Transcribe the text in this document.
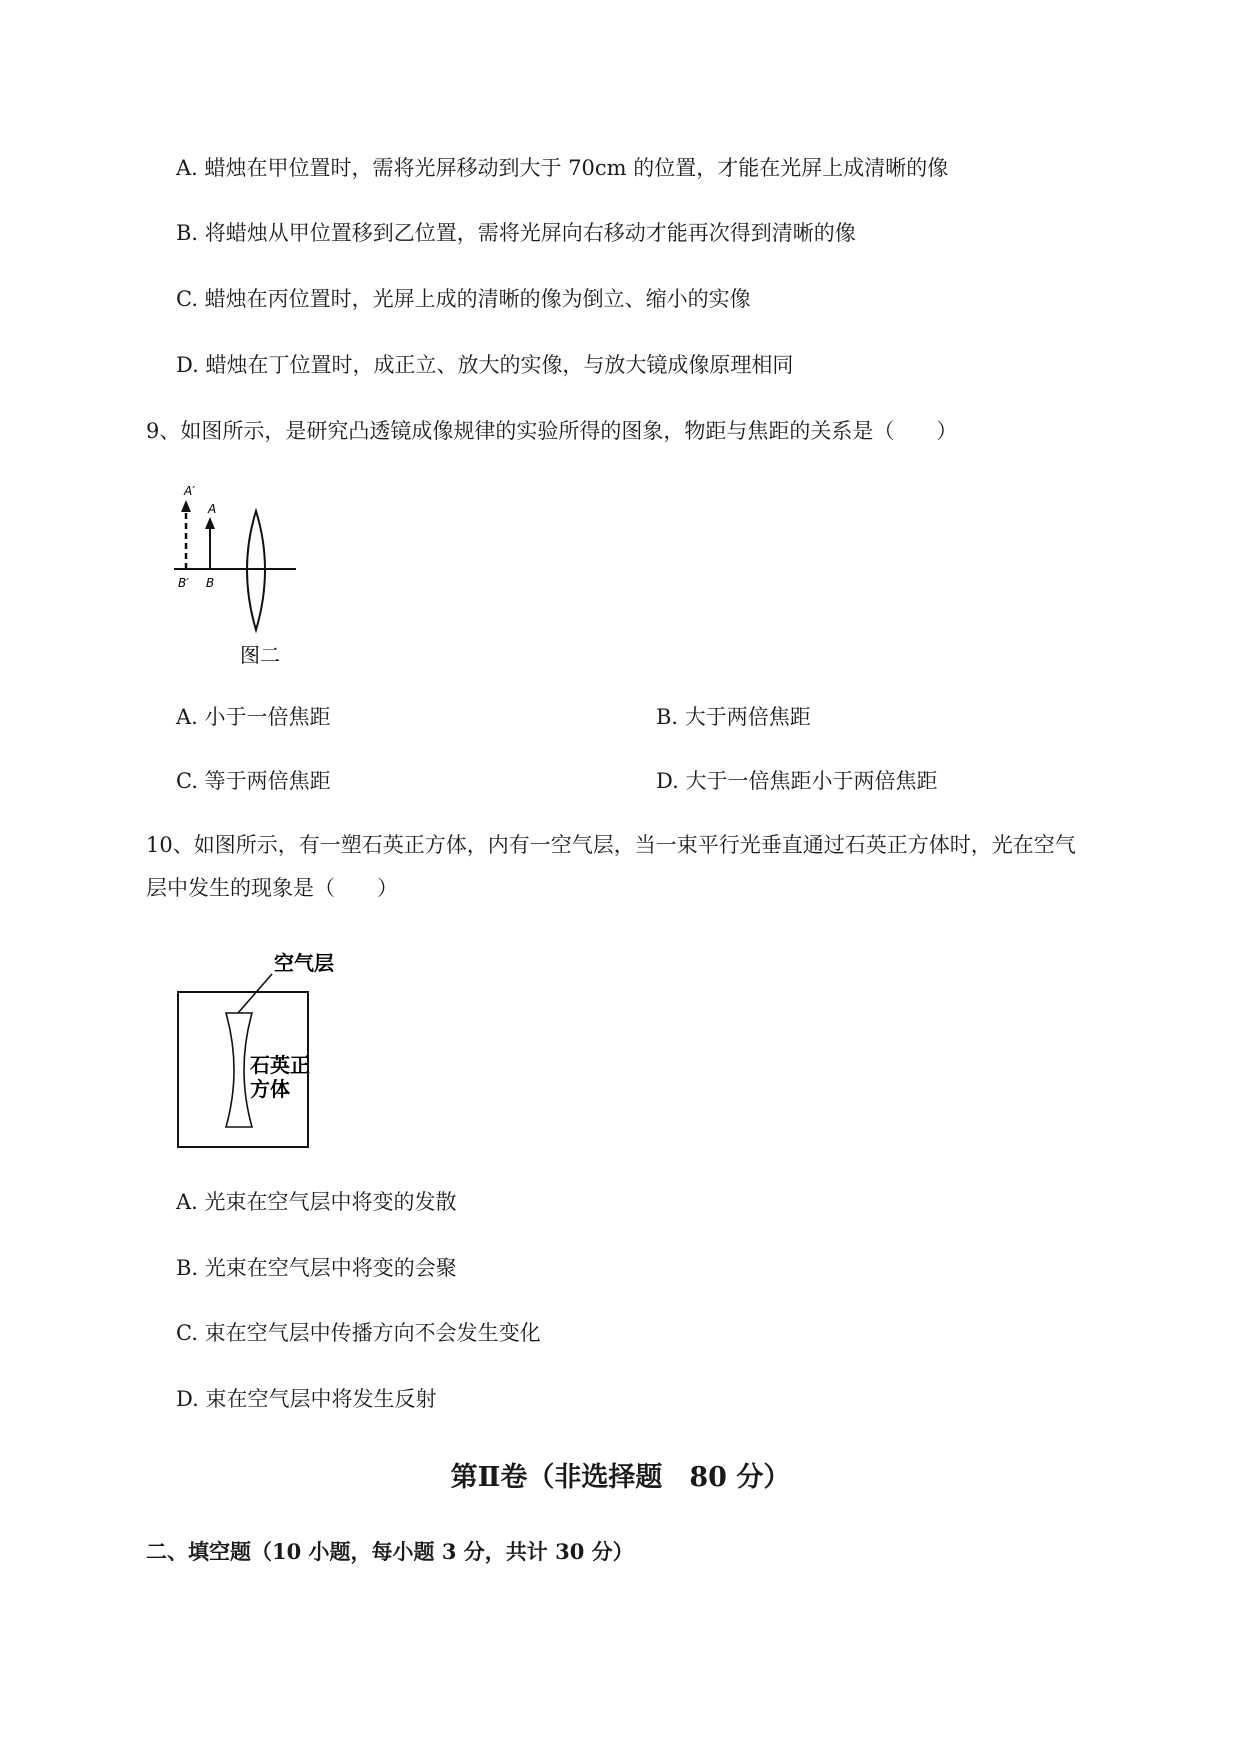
A. 蜡烛在甲位置时，需将光屏移动到大于 70cm 的位置，才能在光屏上成清晰的像
B. 将蜡烛从甲位置移到乙位置，需将光屏向右移动才能再次得到清晰的像
C. 蜡烛在丙位置时，光屏上成的清晰的像为倒立、缩小的实像
D. 蜡烛在丁位置时，成正立、放大的实像，与放大镜成像原理相同
9、如图所示，是研究凸透镜成像规律的实验所得的图象，物距与焦距的关系是（　　）
A′
A
B′ B
图二
A. 小于一倍焦距	B. 大于两倍焦距
C. 等于两倍焦距	D. 大于一倍焦距小于两倍焦距
10、如图所示，有一塑石英正方体，内有一空气层，当一束平行光垂直通过石英正方体时，光在空气
层中发生的现象是（　　）
空气层
石英正
方体
A. 光束在空气层中将变的发散
B. 光束在空气层中将变的会聚
C. 束在空气层中传播方向不会发生变化
D. 束在空气层中将发生反射
第Ⅱ卷（非选择题　80 分）
二、填空题（10 小题，每小题 3 分，共计 30 分）
